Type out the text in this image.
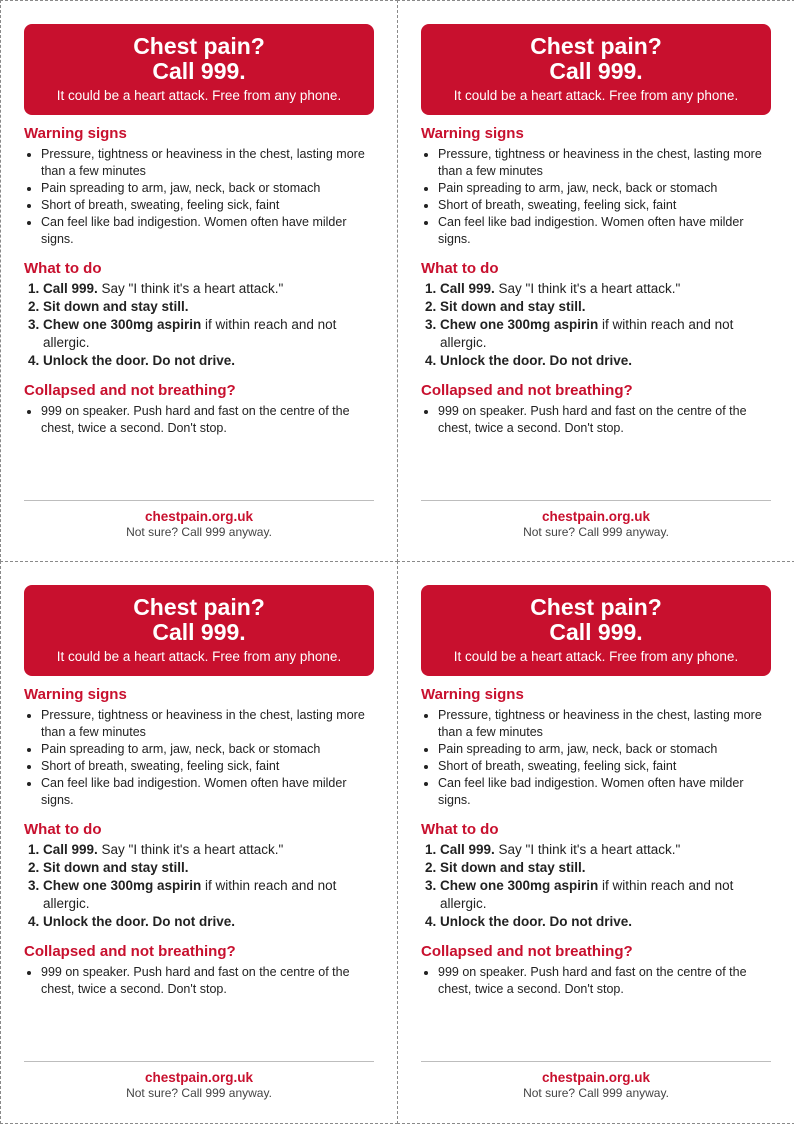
Chest pain?
Call 999.
It could be a heart attack. Free from any phone.
Warning signs
• Pressure, tightness or heaviness in the chest, lasting more than a few minutes
• Pain spreading to arm, jaw, neck, back or stomach
• Short of breath, sweating, feeling sick, faint
• Can feel like bad indigestion. Women often have milder signs.
What to do
1. Call 999. Say "I think it's a heart attack."
2. Sit down and stay still.
3. Chew one 300mg aspirin if within reach and not allergic.
4. Unlock the door. Do not drive.
Collapsed and not breathing?
• 999 on speaker. Push hard and fast on the centre of the chest, twice a second. Don't stop.
chestpain.org.uk
Not sure? Call 999 anyway.
Chest pain?
Call 999.
It could be a heart attack. Free from any phone.
Warning signs
• Pressure, tightness or heaviness in the chest, lasting more than a few minutes
• Pain spreading to arm, jaw, neck, back or stomach
• Short of breath, sweating, feeling sick, faint
• Can feel like bad indigestion. Women often have milder signs.
What to do
1. Call 999. Say "I think it's a heart attack."
2. Sit down and stay still.
3. Chew one 300mg aspirin if within reach and not allergic.
4. Unlock the door. Do not drive.
Collapsed and not breathing?
• 999 on speaker. Push hard and fast on the centre of the chest, twice a second. Don't stop.
chestpain.org.uk
Not sure? Call 999 anyway.
Chest pain?
Call 999.
It could be a heart attack. Free from any phone.
Warning signs
• Pressure, tightness or heaviness in the chest, lasting more than a few minutes
• Pain spreading to arm, jaw, neck, back or stomach
• Short of breath, sweating, feeling sick, faint
• Can feel like bad indigestion. Women often have milder signs.
What to do
1. Call 999. Say "I think it's a heart attack."
2. Sit down and stay still.
3. Chew one 300mg aspirin if within reach and not allergic.
4. Unlock the door. Do not drive.
Collapsed and not breathing?
• 999 on speaker. Push hard and fast on the centre of the chest, twice a second. Don't stop.
chestpain.org.uk
Not sure? Call 999 anyway.
Chest pain?
Call 999.
It could be a heart attack. Free from any phone.
Warning signs
• Pressure, tightness or heaviness in the chest, lasting more than a few minutes
• Pain spreading to arm, jaw, neck, back or stomach
• Short of breath, sweating, feeling sick, faint
• Can feel like bad indigestion. Women often have milder signs.
What to do
1. Call 999. Say "I think it's a heart attack."
2. Sit down and stay still.
3. Chew one 300mg aspirin if within reach and not allergic.
4. Unlock the door. Do not drive.
Collapsed and not breathing?
• 999 on speaker. Push hard and fast on the centre of the chest, twice a second. Don't stop.
chestpain.org.uk
Not sure? Call 999 anyway.
